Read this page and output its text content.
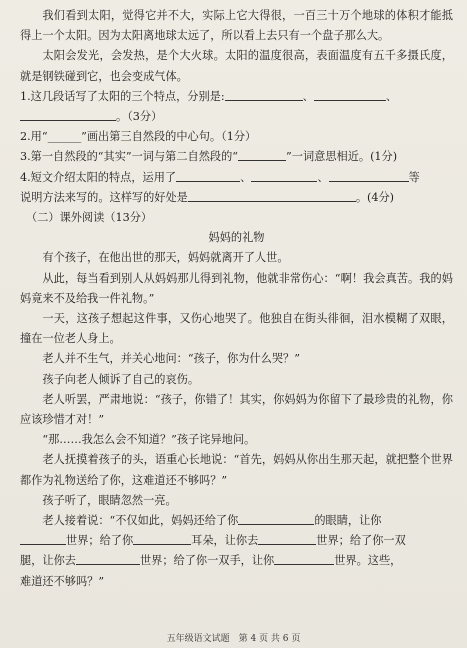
我们看到太阳，觉得它并不大，实际上它大得很，一百三十万个地球的体积才能抵得上一个太阳。因为太阳离地球太远了，所以看上去只有一个盘子那么大。

太阳会发光，会发热，是个大火球。太阳的温度很高，表面温度有五千多摄氏度，就是钢铁碰到它，也会变成气体。

1.这几段话写了太阳的三个特点，分别是:	、	、

。（3分）

2.用“______”画出第三自然段的中心句。（1分）

3.第一自然段的“其实”一词与第二自然段的“	”一词意思相近。(1分)

4.短文介绍太阳的特点，运用了	、	、	等

说明方法来写的。这样写的好处是	。(4分)

（二）课外阅读（13分）

妈妈的礼物

有个孩子，在他出世的那天，妈妈就离开了人世。

从此，每当看到别人从妈妈那儿得到礼物，他就非常伤心：“啊！我会真苦。我的妈妈竟来不及给我一件礼物。”

一天，这孩子想起这件事，又伤心地哭了。他独自在街头徘徊，泪水模糊了双眼，撞在一位老人身上。

老人并不生气，并关心地问：“孩子，你为什么哭？”

孩子向老人倾诉了自己的哀伤。

老人听罢，严肃地说：“孩子，你错了！其实，你妈妈为你留下了最珍贵的礼物，你应该珍惜才对！”

“那……我怎么会不知道？”孩子诧异地问。

老人抚摸着孩子的头，语重心长地说：“首先，妈妈从你出生那天起，就把整个世界都作为礼物送给了你，这难道还不够吗？”

孩子听了，眼睛忽然一亮。

老人接着说：“不仅如此，妈妈还给了你	的眼睛，让你

世界；给了你	耳朵，让你去	世界；给了你一双

腿，让你去	世界；给了你一双手，让你	世界。这些，

难道还不够吗？”

五年级语文试题　第 4 页 共 6 页
